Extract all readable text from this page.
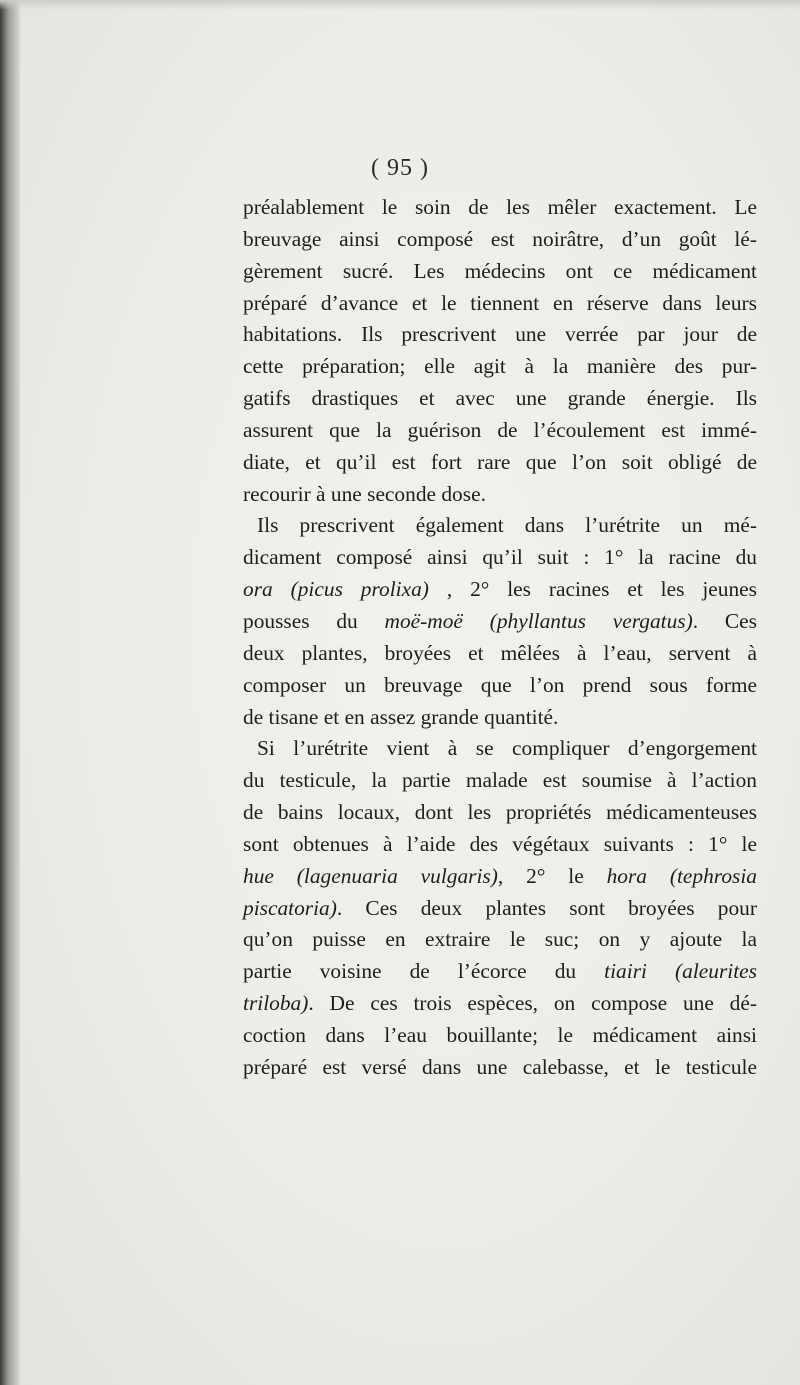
( 95 )
préalablement le soin de les mêler exactement. Le
breuvage ainsi composé est noirâtre, d’un goût lé-
gèrement sucré. Les médecins ont ce médicament
préparé d’avance et le tiennent en réserve dans leurs
habitations. Ils prescrivent une verrée par jour de
cette préparation; elle agit à la manière des pur-
gatifs drastiques et avec une grande énergie. Ils
assurent que la guérison de l’écoulement est immé-
diate, et qu’il est fort rare que l’on soit obligé de
recourir à une seconde dose.
Ils prescrivent également dans l’urétrite un mé-
dicament composé ainsi qu’il suit : 1° la racine du
ora (picus prolixa) , 2° les racines et les jeunes
pousses du moë-moë (phyllantus vergatus). Ces
deux plantes, broyées et mêlées à l’eau, servent à
composer un breuvage que l’on prend sous forme
de tisane et en assez grande quantité.
Si l’urétrite vient à se compliquer d’engorgement
du testicule, la partie malade est soumise à l’action
de bains locaux, dont les propriétés médicamenteuses
sont obtenues à l’aide des végétaux suivants : 1° le
hue (lagenuaria vulgaris), 2° le hora (tephrosia
piscatoria). Ces deux plantes sont broyées pour
qu’on puisse en extraire le suc; on y ajoute la
partie voisine de l’écorce du tiairi (aleurites
triloba). De ces trois espèces, on compose une dé-
coction dans l’eau bouillante; le médicament ainsi
préparé est versé dans une calebasse, et le testicule
